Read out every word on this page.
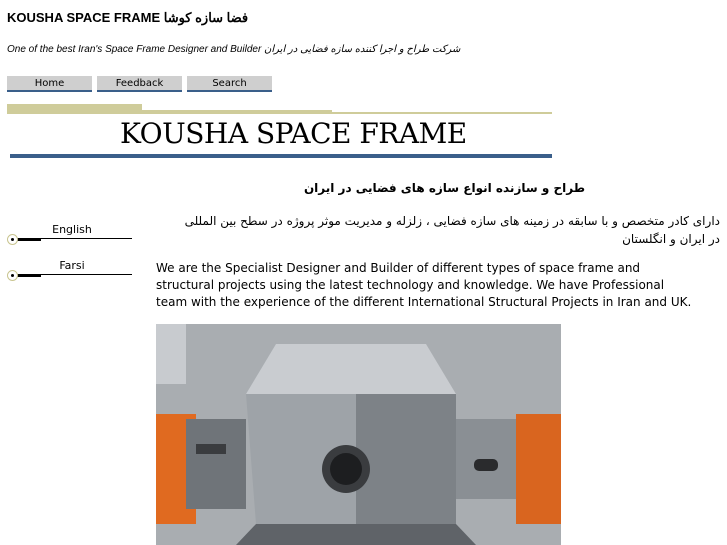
KOUSHA SPACE FRAME فضا سازه کوشا
One of the best Iran's Space Frame Designer and Builder شرکت طراح و اجرا کننده سازه فضایی در ایران
Home	Feedback	Search
KOUSHA SPACE FRAME
English
Farsi
طراح و سازنده انواع سازه های فضایی در ایران
دارای کادر متخصص و با سابقه در زمینه های سازه فضایی ، زلزله و مدیریت موثر پروژه در سطح بین المللی در ایران و انگلستان
We are the Specialist Designer and Builder of different types of space frame and structural projects using the latest technology and knowledge. We have Professional team with the experience of the different International Structural Projects in Iran and UK.
